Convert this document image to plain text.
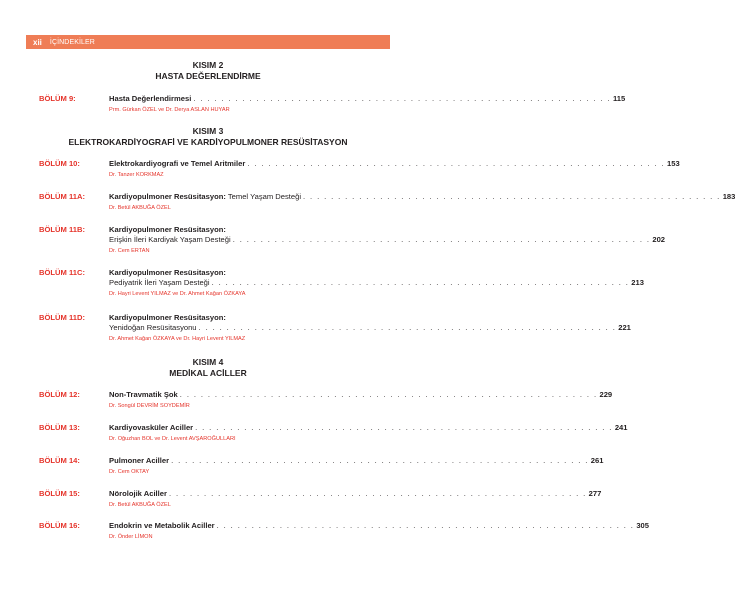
xii İÇİNDEKİLER
KISIM 2
HASTA DEĞERLENDİRME
BÖLÜM 9:	Hasta Değerlendirmesi . . . . . . . . . . . . . . . . . . . . . . . . . . . . . . . . . . . . . . . . . . . . . . . . . . . . . . . . . . . . 115
Prm. Gürkan ÖZEL ve Dr. Derya ASLAN HUYAR
KISIM 3
ELEKTROKARDİYOGRAFİ VE KARDİYOPULMONER RESÜSİTASYON
BÖLÜM 10:	Elektrokardiyografi ve Temel Aritmiler . . . . . . . . . . . . . . . . . . . . . . . . . . . . . . . . . . . . . . . . . . . . . . . . . . . . . . . . . . . . 153
Dr. Tanzer KORKMAZ
BÖLÜM 11A:	Kardiyopulmoner Resüsitasyon: Temel Yaşam Desteği . . . . . . . . . . . . . . . . . . . . . . . . . . . . . . . . . . . . . . . . . . . . . . . . . . . . . . . . . . . . 183
Dr. Betül AKBUĞA ÖZEL
BÖLÜM 11B:	Kardiyopulmoner Resüsitasyon:
Erişkin İleri Kardiyak Yaşam Desteği . . . . . . . . . . . . . . . . . . . . . . . . . . . . . . . . . . . . . . . . . . . . . . . . . . . . . . . . . . . . 202
Dr. Cem ERTAN
BÖLÜM 11C:	Kardiyopulmoner Resüsitasyon:
Pediyatrik İleri Yaşam Desteği . . . . . . . . . . . . . . . . . . . . . . . . . . . . . . . . . . . . . . . . . . . . . . . . . . . . . . . . . . . . 213
Dr. Hayri Levent YILMAZ ve Dr. Ahmet Kağan ÖZKAYA
BÖLÜM 11D:	Kardiyopulmoner Resüsitasyon:
Yenidoğan Resüsitasyonu . . . . . . . . . . . . . . . . . . . . . . . . . . . . . . . . . . . . . . . . . . . . . . . . . . . . . . . . . . . . 221
Dr. Ahmet Kağan ÖZKAYA ve Dr. Hayri Levent YILMAZ
KISIM 4
MEDİKAL ACİLLER
BÖLÜM 12:	Non-Travmatik Şok . . . . . . . . . . . . . . . . . . . . . . . . . . . . . . . . . . . . . . . . . . . . . . . . . . . . . . . . . . . . 229
Dr. Songül DEVRİM SOYDEMİR
BÖLÜM 13:	Kardiyovasküler Aciller . . . . . . . . . . . . . . . . . . . . . . . . . . . . . . . . . . . . . . . . . . . . . . . . . . . . . . . . . . . . 241
Dr. Oğuzhan BOL ve Dr. Levent AVŞAROĞULLARI
BÖLÜM 14:	Pulmoner Aciller . . . . . . . . . . . . . . . . . . . . . . . . . . . . . . . . . . . . . . . . . . . . . . . . . . . . . . . . . . . . 261
Dr. Cem OKTAY
BÖLÜM 15:	Nörolojik Aciller . . . . . . . . . . . . . . . . . . . . . . . . . . . . . . . . . . . . . . . . . . . . . . . . . . . . . . . . . . . . 277
Dr. Betül AKBUĞA ÖZEL
BÖLÜM 16:	Endokrin ve Metabolik Aciller . . . . . . . . . . . . . . . . . . . . . . . . . . . . . . . . . . . . . . . . . . . . . . . . . . . . . . . . . . . . 305
Dr. Önder LİMON
